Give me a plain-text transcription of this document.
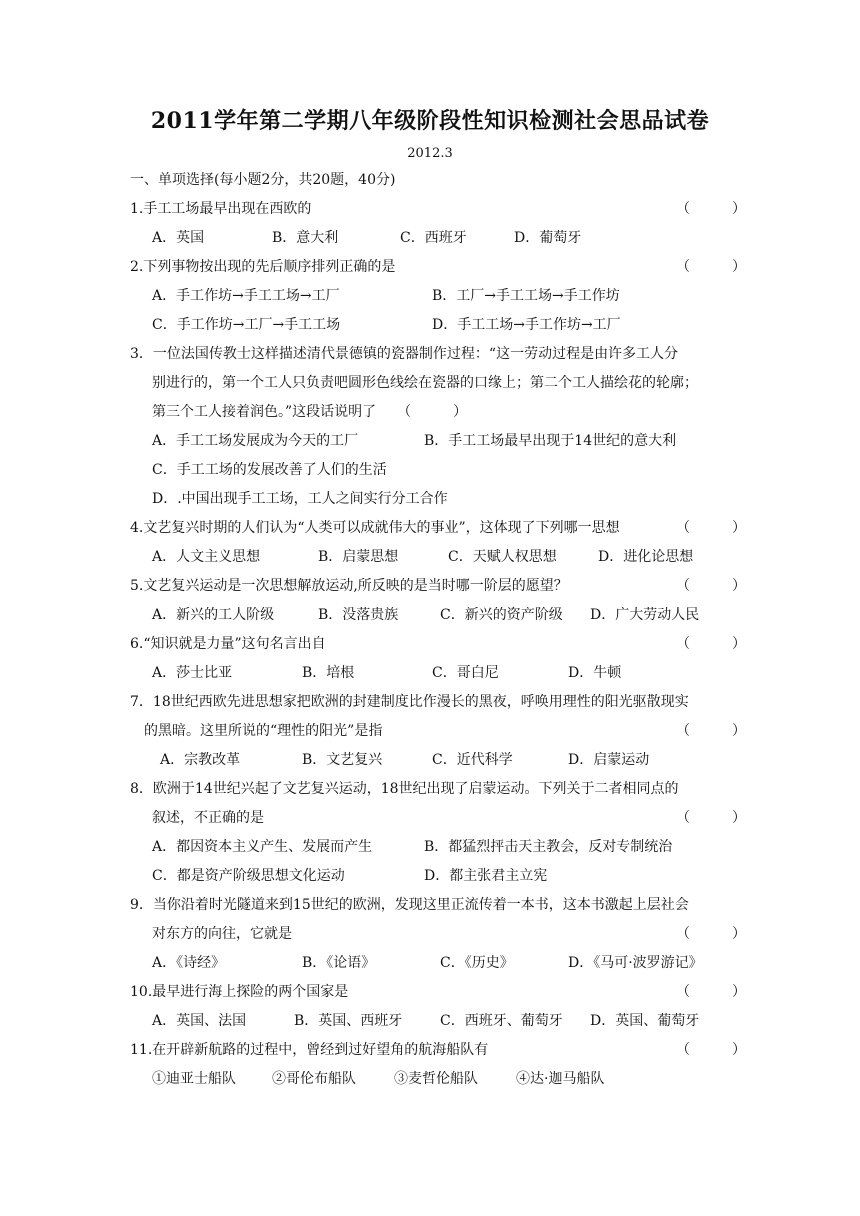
2011学年第二学期八年级阶段性知识检测社会思品试卷
2012.3
一、单项选择(每小题2分，共20题，40分)
1.手工工场最早出现在西欧的	（　　　）
A．英国	B．意大利	C．西班牙	D．葡萄牙
2.下列事物按出现的先后顺序排列正确的是	（　　　）
A．手工作坊→手工工场→工厂	B．工厂→手工工场→手工作坊
C．手工作坊→工厂→手工工场	D．手工工场→手工作坊→工厂
3．一位法国传教士这样描述清代景德镇的瓷器制作过程：“这一劳动过程是由许多工人分
别进行的，第一个工人只负责吧圆形色线绘在瓷器的口缘上；第二个工人描绘花的轮廓；
第三个工人接着润色。”这段话说明了　　 （　　　）
A．手工工场发展成为今天的工厂	B．手工工场最早出现于14世纪的意大利
C．手工工场的发展改善了人们的生活
D．.中国出现手工工场，工人之间实行分工合作
4.文艺复兴时期的人们认为“人类可以成就伟大的事业”，这体现了下列哪一思想	（　　　）
A．人文主义思想	B．启蒙思想	C．天赋人权思想	D．进化论思想
5.文艺复兴运动是一次思想解放运动,所反映的是当时哪一阶层的愿望？	（　　　）
A．新兴的工人阶级	B．没落贵族	C．新兴的资产阶级 D．广大劳动人民
6.“知识就是力量”这句名言出自	（　　　）
A．莎士比亚	B．培根	C．哥白尼	D．牛顿
7．18世纪西欧先进思想家把欧洲的封建制度比作漫长的黑夜，呼唤用理性的阳光驱散现实
的黑暗。这里所说的“理性的阳光”是指	（　　　）
A．宗教改革	B．文艺复兴	C．近代科学	D．启蒙运动
8．欧洲于14世纪兴起了文艺复兴运动，18世纪出现了启蒙运动。下列关于二者相同点的
叙述，不正确的是	（　　　）
A．都因资本主义产生、发展而产生	B．都猛烈抨击天主教会，反对专制统治
C．都是资产阶级思想文化运动	D．都主张君主立宪
9．当你沿着时光隧道来到15世纪的欧洲，发现这里正流传着一本书，这本书激起上层社会
对东方的向往，它就是	（　　　）
A．《诗经》	B．《论语》	C．《历史》	D．《马可·波罗游记》
10.最早进行海上探险的两个国家是	（　　　）
A．英国、法国	B．英国、西班牙	C．西班牙、葡萄牙 D．英国、葡萄牙
11.在开辟新航路的过程中，曾经到过好望角的航海船队有	（　　　）
①迪亚士船队	②哥伦布船队	③麦哲伦船队	④达·迦马船队
